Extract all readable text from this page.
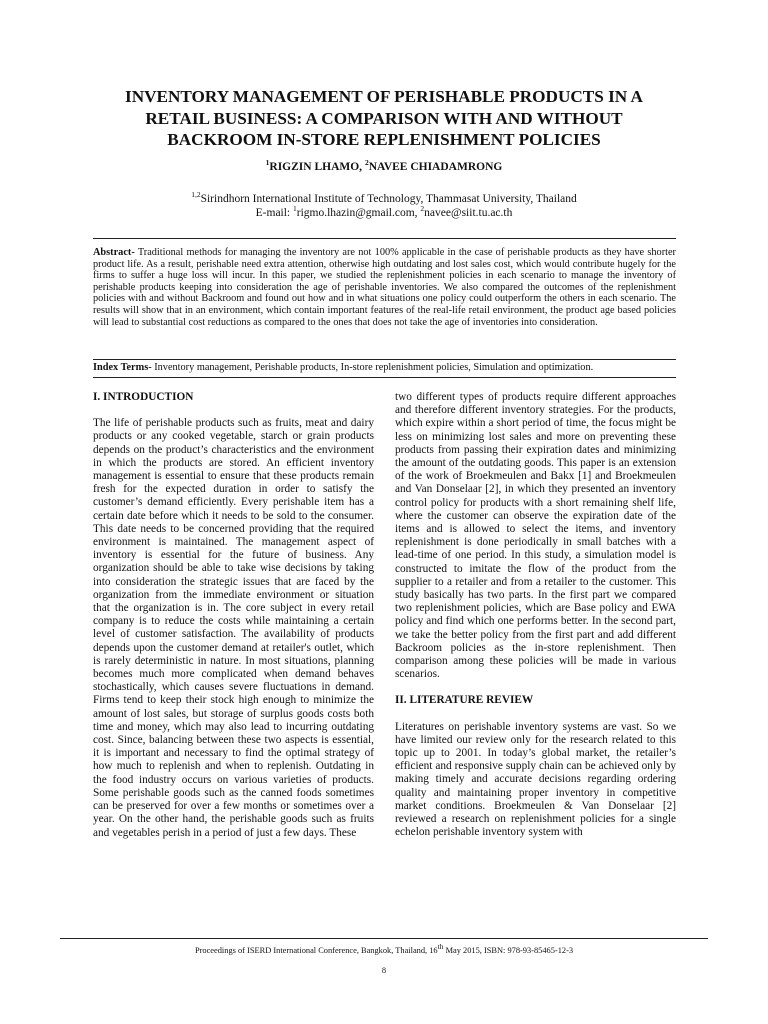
INVENTORY MANAGEMENT OF PERISHABLE PRODUCTS IN A
RETAIL BUSINESS: A COMPARISON WITH AND WITHOUT
BACKROOM IN-STORE REPLENISHMENT POLICIES
$^1$RIGZIN LHAMO, $^2$NAVEE CHIADAMRONG
$^{1,2}$Sirindhorn International Institute of Technology, Thammasat University, Thailand
E-mail: $^1$rigmo.lhazin@gmail.com, $^2$navee@siit.tu.ac.th

Abstract- Traditional methods for managing the inventory are not 100% applicable in the case of perishable products as they have shorter product life. As a result, perishable need extra attention, otherwise high outdating and lost sales cost, which would contribute hugely for the firms to suffer a huge loss will incur. In this paper, we studied the replenishment policies in each scenario to manage the inventory of perishable products keeping into consideration the age of perishable inventories. We also compared the outcomes of the replenishment policies with and without Backroom and found out how and in what situations one policy could outperform the others in each scenario. The results will show that in an environment, which contain important features of the real-life retail environment, the product age based policies will lead to substantial cost reductions as compared to the ones that does not take the age of inventories into consideration.

Index Terms- Inventory management, Perishable products, In-store replenishment policies, Simulation and optimization.

I. INTRODUCTION

The life of perishable products such as fruits, meat and dairy products or any cooked vegetable, starch or grain products depends on the product’s characteristics and the environment in which the products are stored. An efficient inventory management is essential to ensure that these products remain fresh for the expected duration in order to satisfy the customer’s demand efficiently. Every perishable item has a certain date before which it needs to be sold to the consumer. This date needs to be concerned providing that the required environment is maintained. The management aspect of inventory is essential for the future of business. Any organization should be able to take wise decisions by taking into consideration the strategic issues that are faced by the organization from the immediate environment or situation that the organization is in. The core subject in every retail company is to reduce the costs while maintaining a certain level of customer satisfaction. The availability of products depends upon the customer demand at retailer's outlet, which is rarely deterministic in nature. In most situations, planning becomes much more complicated when demand behaves stochastically, which causes severe fluctuations in demand. Firms tend to keep their stock high enough to minimize the amount of lost sales, but storage of surplus goods costs both time and money, which may also lead to incurring outdating cost. Since, balancing between these two aspects is essential, it is important and necessary to find the optimal strategy of how much to replenish and when to replenish. Outdating in the food industry occurs on various varieties of products. Some perishable goods such as the canned foods sometimes can be preserved for over a few months or sometimes over a year. On the other hand, the perishable goods such as fruits and vegetables perish in a period of just a few days. These

two different types of products require different approaches and therefore different inventory strategies. For the products, which expire within a short period of time, the focus might be less on minimizing lost sales and more on preventing these products from passing their expiration dates and minimizing the amount of the outdating goods. This paper is an extension of the work of Broekmeulen and Bakx [1] and Broekmeulen and Van Donselaar [2], in which they presented an inventory control policy for products with a short remaining shelf life, where the customer can observe the expiration date of the items and is allowed to select the items, and inventory replenishment is done periodically in small batches with a lead-time of one period. In this study, a simulation model is constructed to imitate the flow of the product from the supplier to a retailer and from a retailer to the customer. This study basically has two parts. In the first part we compared two replenishment policies, which are Base policy and EWA policy and find which one performs better. In the second part, we take the better policy from the first part and add different Backroom policies as the in-store replenishment. Then comparison among these policies will be made in various scenarios.

II. LITERATURE REVIEW

Literatures on perishable inventory systems are vast. So we have limited our review only for the research related to this topic up to 2001. In today’s global market, the retailer’s efficient and responsive supply chain can be achieved only by making timely and accurate decisions regarding ordering quality and maintaining proper inventory in competitive market conditions. Broekmeulen & Van Donselaar [2] reviewed a research on replenishment policies for a single echelon perishable inventory system with

Proceedings of ISERD International Conference, Bangkok, Thailand, 16th May 2015, ISBN: 978-93-85465-12-3
8
